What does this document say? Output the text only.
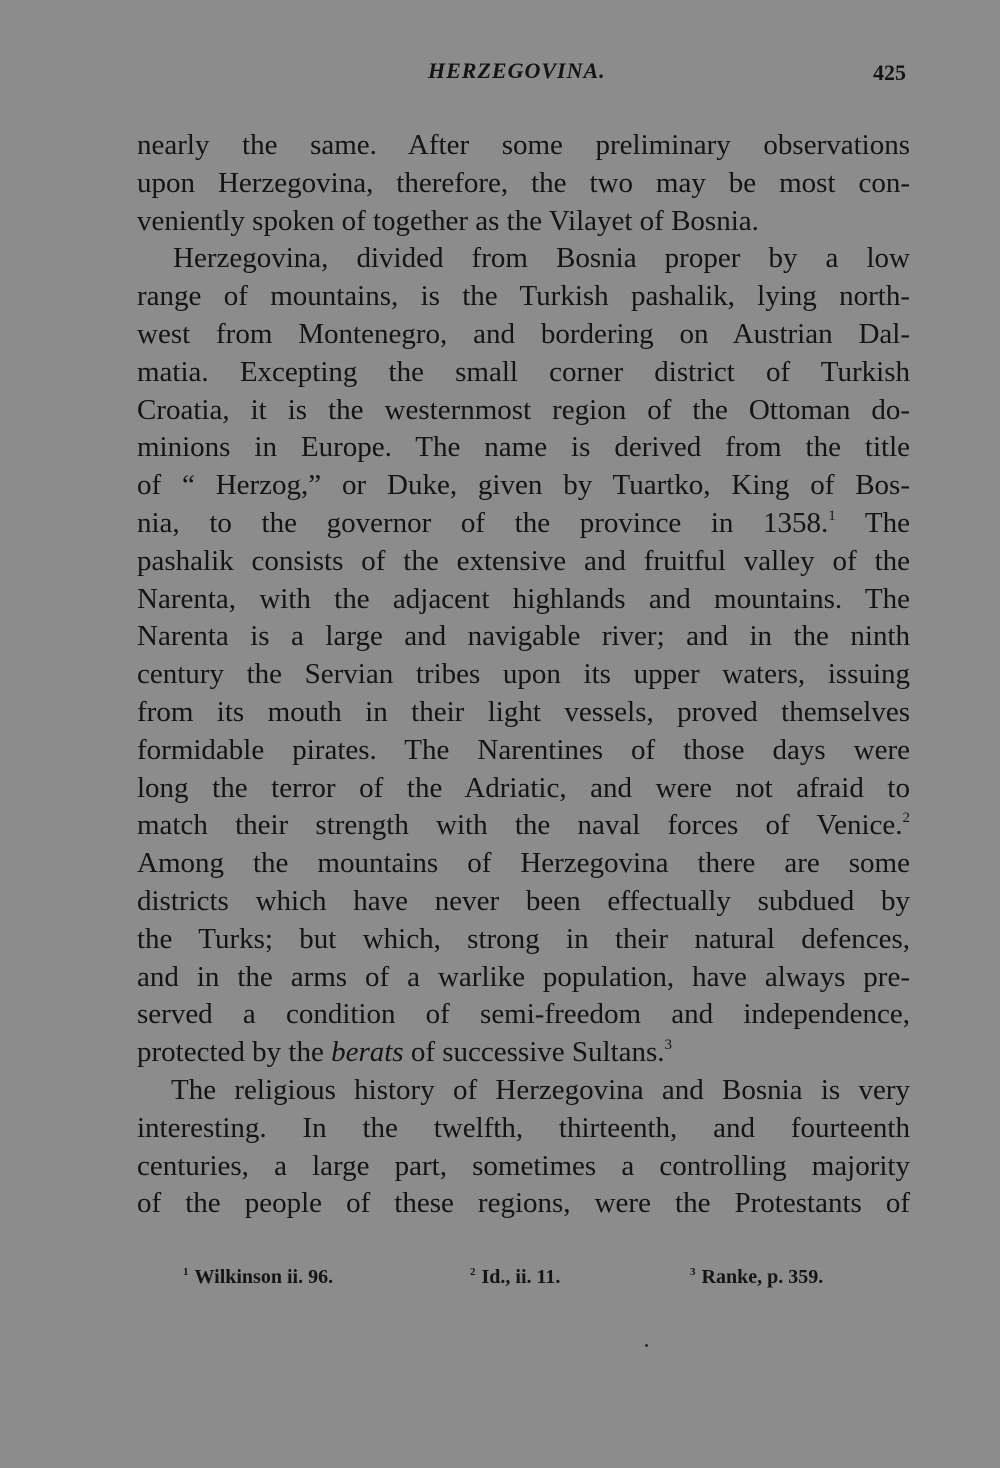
HERZEGOVINA.	425
nearly the same. After some preliminary observations
upon Herzegovina, therefore, the two may be most con-
veniently spoken of together as the Vilayet of Bosnia.
Herzegovina, divided from Bosnia proper by a low
range of mountains, is the Turkish pashalik, lying north-
west from Montenegro, and bordering on Austrian Dal-
matia. Excepting the small corner district of Turkish
Croatia, it is the westernmost region of the Ottoman do-
minions in Europe. The name is derived from the title
of “ Herzog,” or Duke, given by Tuartko, King of Bos-
nia, to the governor of the province in 1358.$^1$ The
pashalik consists of the extensive and fruitful valley of the
Narenta, with the adjacent highlands and mountains. The
Narenta is a large and navigable river; and in the ninth
century the Servian tribes upon its upper waters, issuing
from its mouth in their light vessels, proved themselves
formidable pirates. The Narentines of those days were
long the terror of the Adriatic, and were not afraid to
match their strength with the naval forces of Venice.$^2$
Among the mountains of Herzegovina there are some
districts which have never been effectually subdued by
the Turks; but which, strong in their natural defences,
and in the arms of a warlike population, have always pre-
served a condition of semi-freedom and independence,
protected by the berats of successive Sultans.$^3$
The religious history of Herzegovina and Bosnia is very
interesting. In the twelfth, thirteenth, and fourteenth
centuries, a large part, sometimes a controlling majority
of the people of these regions, were the Protestants of
$^1$ Wilkinson ii. 96.	$^2$ Id., ii. 11.	$^3$ Ranke, p. 359.
